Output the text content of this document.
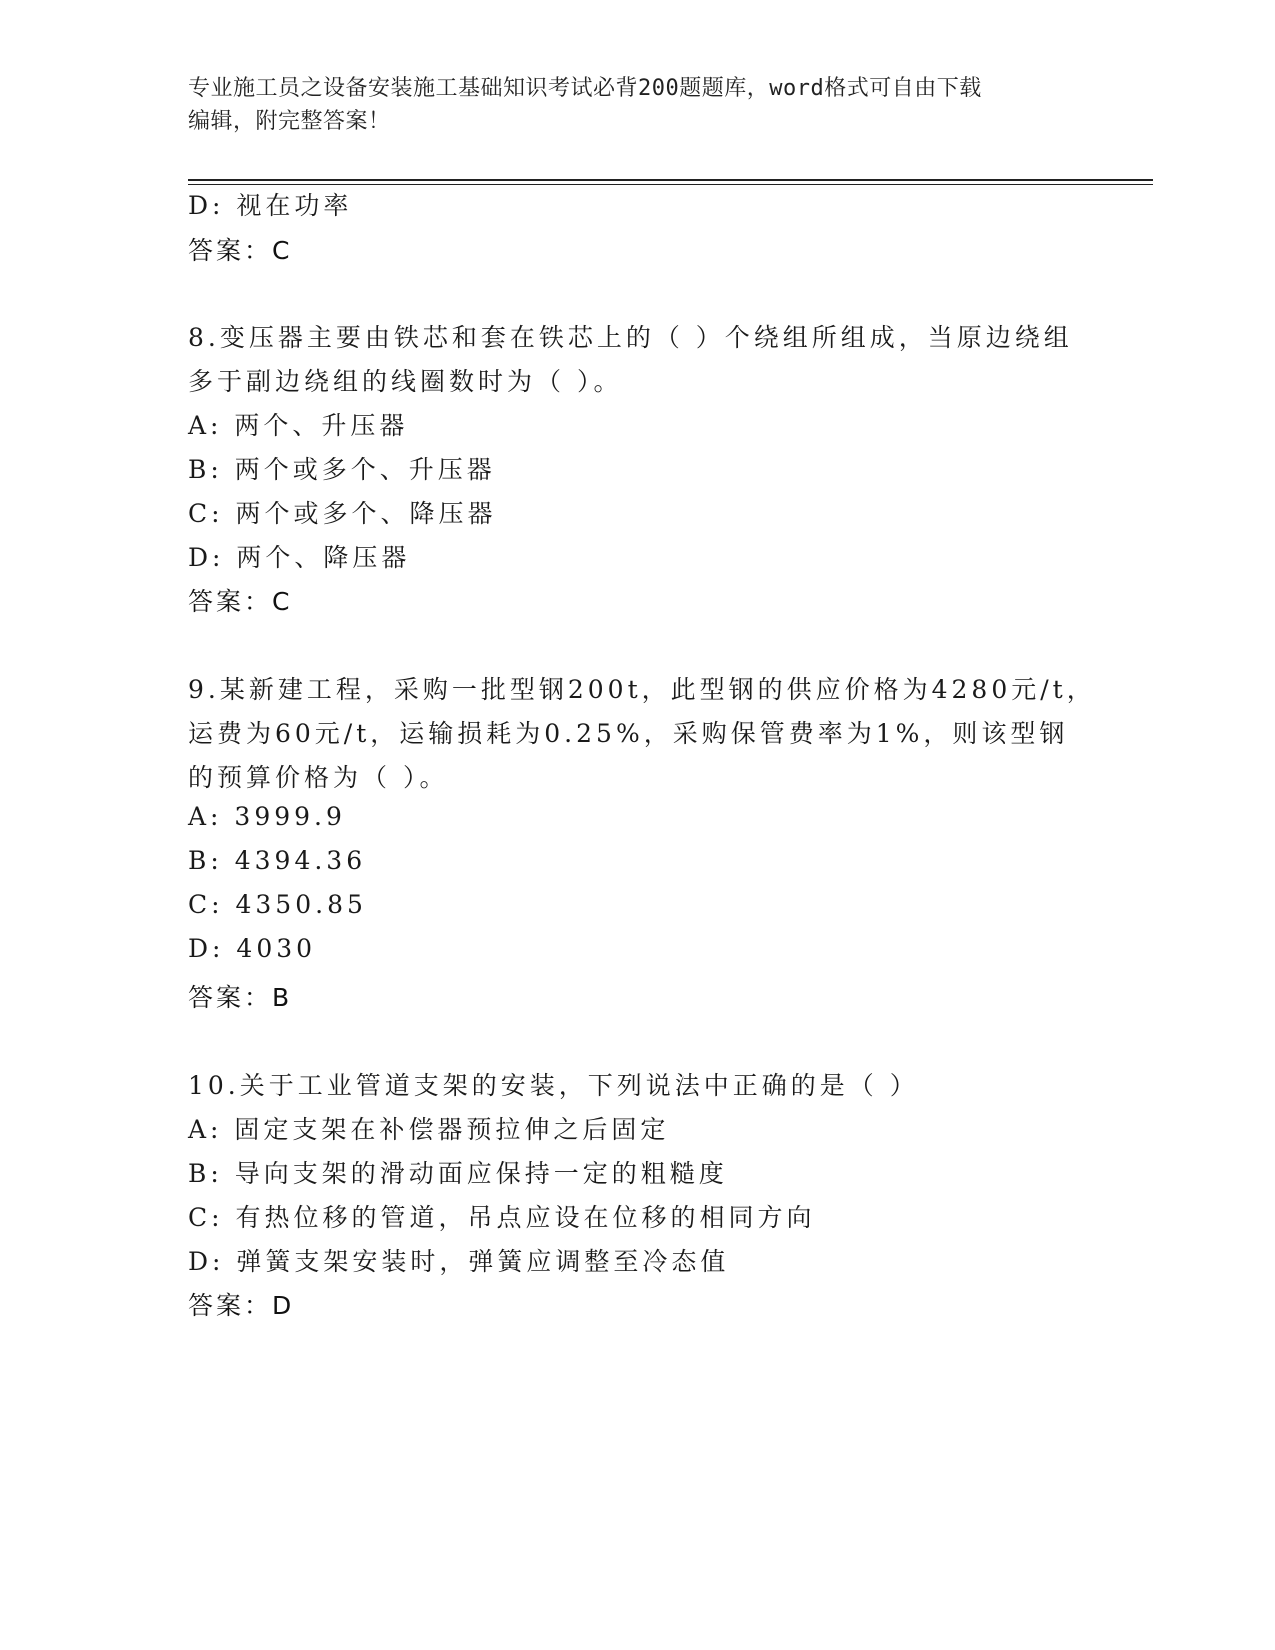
专业施工员之设备安装施工基础知识考试必背200题题库，word格式可自由下载
编辑，附完整答案！
D: 视在功率
答案：C
8.变压器主要由铁芯和套在铁芯上的（ ）个绕组所组成，当原边绕组
多于副边绕组的线圈数时为（ ）。
A: 两个、升压器
B: 两个或多个、升压器
C: 两个或多个、降压器
D: 两个、降压器
答案：C
9.某新建工程，采购一批型钢200t，此型钢的供应价格为4280元/t，
运费为60元/t，运输损耗为0.25%，采购保管费率为1%，则该型钢
的预算价格为（ ）。
A: 3999.9
B: 4394.36
C: 4350.85
D: 4030
答案：B
10.关于工业管道支架的安装，下列说法中正确的是（ ）
A: 固定支架在补偿器预拉伸之后固定
B: 导向支架的滑动面应保持一定的粗糙度
C: 有热位移的管道，吊点应设在位移的相同方向
D: 弹簧支架安装时，弹簧应调整至冷态值
答案：D
